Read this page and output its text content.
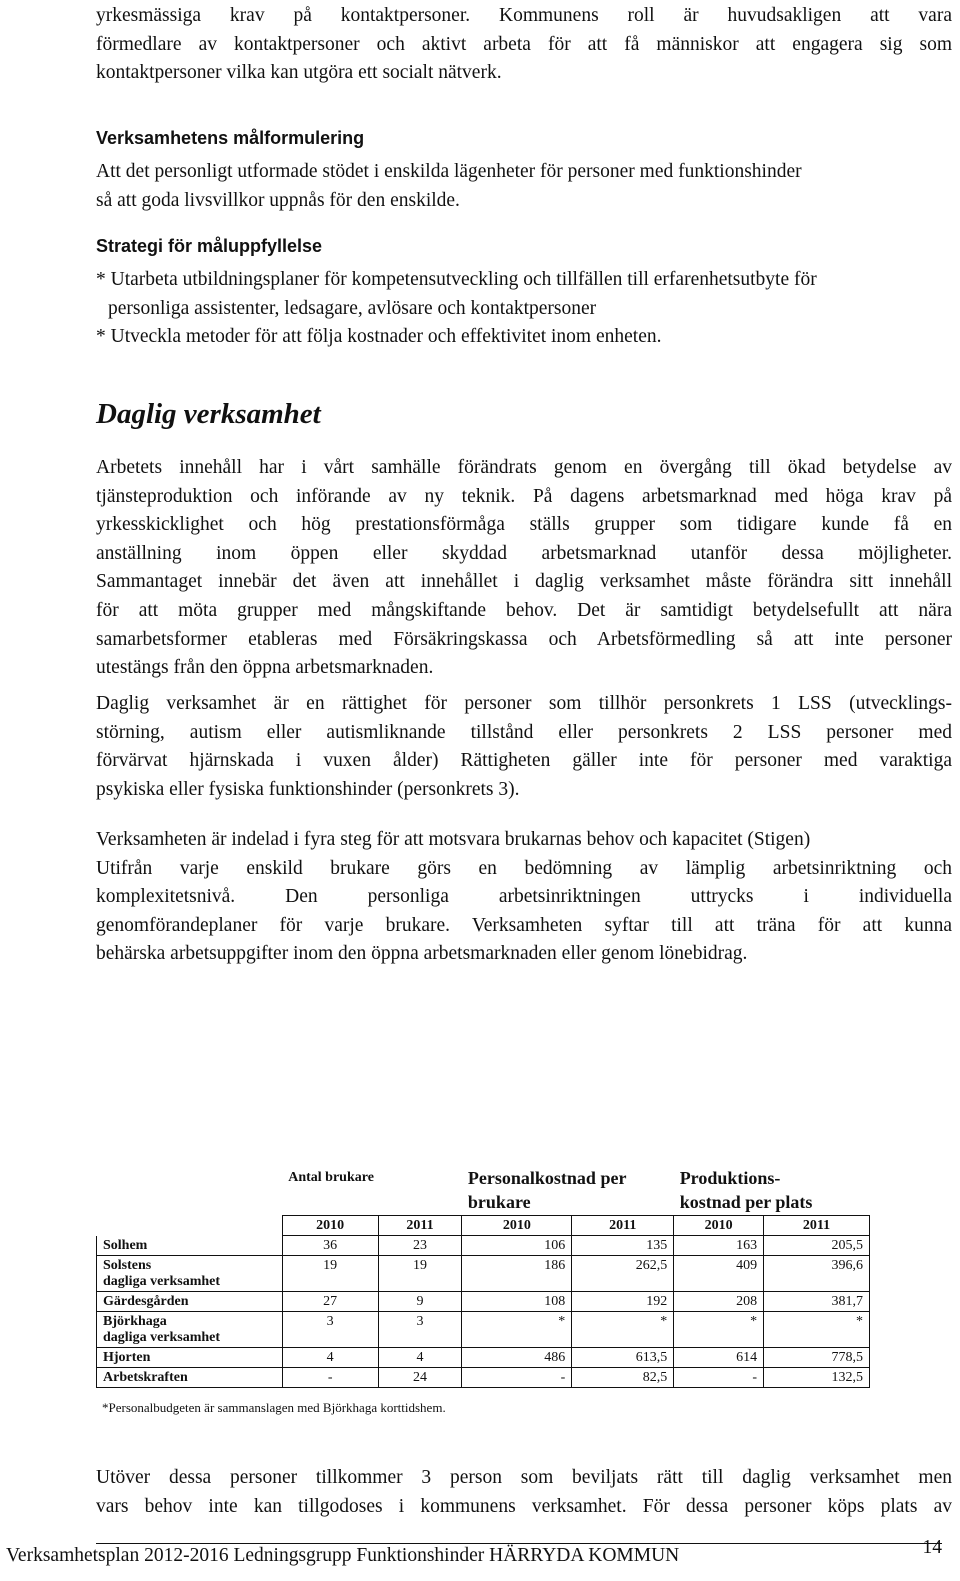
yrkesmässiga krav på kontaktpersoner. Kommunens roll är huvudsakligen att vara
förmedlare av kontaktpersoner och aktivt arbeta för att få människor att engagera sig som
kontaktpersoner vilka kan utgöra ett socialt nätverk.
Verksamhetens målformulering
Att det personligt utformade stödet i enskilda lägenheter för personer med funktionshinder
så att goda livsvillkor uppnås för den enskilde.
Strategi för måluppfyllelse
* Utarbeta utbildningsplaner för kompetensutveckling och tillfällen till erfarenhetsutbyte för
personliga assistenter, ledsagare, avlösare och kontaktpersoner
* Utveckla metoder för att följa kostnader och effektivitet inom enheten.
Daglig verksamhet
Arbetets innehåll har i vårt samhälle förändrats genom en övergång till ökad betydelse av
tjänsteproduktion och införande av ny teknik. På dagens arbetsmarknad med höga krav på
yrkesskicklighet och hög prestationsförmåga ställs grupper som tidigare kunde få en
anställning inom öppen eller skyddad arbetsmarknad utanför dessa möjligheter.
Sammantaget innebär det även att innehållet i daglig verksamhet måste förändra sitt innehåll
för att möta grupper med mångskiftande behov. Det är samtidigt betydelsefullt att nära
samarbetsformer etableras med Försäkringskassa och Arbetsförmedling så att inte personer
utestängs från den öppna arbetsmarknaden.
Daglig verksamhet är en rättighet för personer som tillhör personkrets 1 LSS (utvecklings-
störning, autism eller autismliknande tillstånd eller personkrets 2 LSS personer med
förvärvat hjärnskada i vuxen ålder) Rättigheten gäller inte för personer med varaktiga
psykiska eller fysiska funktionshinder (personkrets 3).
Verksamheten är indelad i fyra steg för att motsvara brukarnas behov och kapacitet (Stigen)
Utifrån varje enskild brukare görs en bedömning av lämplig arbetsinriktning och
komplexitetsnivå. Den personliga arbetsinriktningen uttrycks i individuella
genomförandeplaner för varje brukare. Verksamheten syftar till att träna för att kunna
behärska arbetsuppgifter inom den öppna arbetsmarknaden eller genom lönebidrag.
	Antal brukare		Personalkostnad per
brukare		Produktions-
kostnad per plats	

	2010	2011	2010	2011	2010	2011
Solhem	36	23	106	135	163	205,5

Solstens
dagliga verksamhet	19	19	186	262,5	409	396,6
Gärdesgården	27	9	108	192	208	381,7

Björkhaga
dagliga verksamhet	3	3	*	*	*	*
Hjorten	4	4	486	613,5	614	778,5
Arbetskraften	-	24	-	82,5	-	132,5
*Personalbudgeten är sammanslagen med Björkhaga korttidshem.
Utöver dessa personer tillkommer 3 person som beviljats rätt till daglig verksamhet men
vars behov inte kan tillgodoses i kommunens verksamhet. För dessa personer köps plats av
Verksamhetsplan 2012-2016 Ledningsgrupp Funktionshinder HÄRRYDA KOMMUN	14
